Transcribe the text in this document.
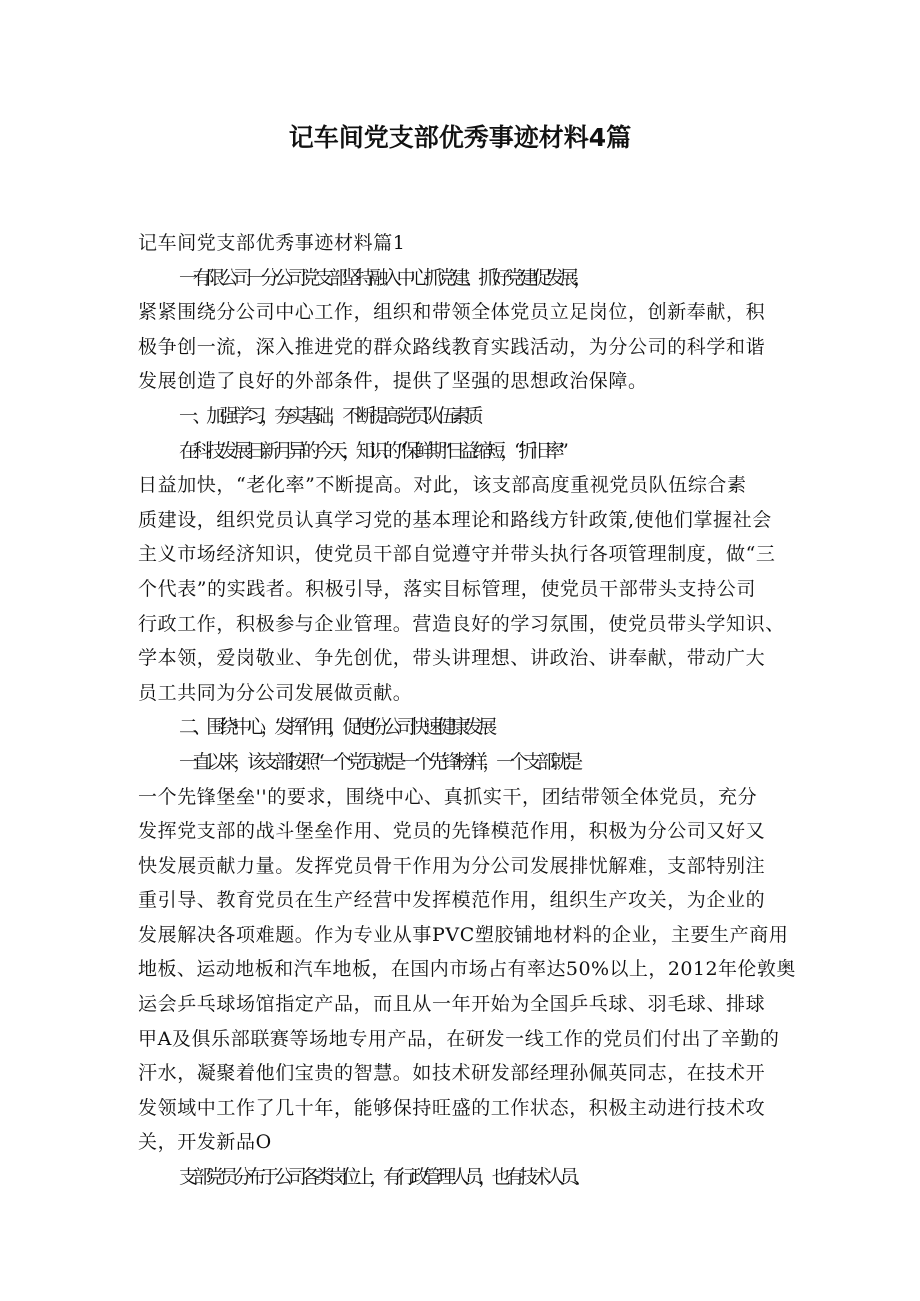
记车间党支部优秀事迹材料4篇

记车间党支部优秀事迹材料篇1

一有限公司一分公司党支部坚持融入中心抓党建、抓好党建促发展，

紧紧围绕分公司中心工作，组织和带领全体党员立足岗位，创新奉献，积

极争创一流，深入推进党的群众路线教育实践活动，为分公司的科学和谐

发展创造了良好的外部条件，提供了坚强的思想政治保障。

一、加强学习，夯实基础，不断提高党员队伍素质

在科技发展日新月异的今天，知识的“保鲜期”日益缩短，“折旧率”

日益加快，“老化率”不断提高。对此，该支部高度重视党员队伍综合素

质建设，组织党员认真学习党的基本理论和路线方针政策,使他们掌握社会

主义市场经济知识，使党员干部自觉遵守并带头执行各项管理制度，做“三

个代表”的实践者。积极引导，落实目标管理，使党员干部带头支持公司

行政工作，积极参与企业管理。营造良好的学习氛围，使党员带头学知识、

学本领，爱岗敬业、争先创优，带头讲理想、讲政治、讲奉献，带动广大

员工共同为分公司发展做贡献。

二、围绕中心，发挥作用，促使份公司快速健康发展

一直以来，该支部按照“一个党员就是一个先锋榜样，一个支部就是

一个先锋堡垒''的要求，围绕中心、真抓实干，团结带领全体党员，充分

发挥党支部的战斗堡垒作用、党员的先锋模范作用，积极为分公司又好又

快发展贡献力量。发挥党员骨干作用为分公司发展排忧解难，支部特别注

重引导、教育党员在生产经营中发挥模范作用，组织生产攻关，为企业的

发展解决各项难题。作为专业从事PVC塑胶铺地材料的企业，主要生产商用

地板、运动地板和汽车地板，在国内市场占有率达50%以上，2012年伦敦奥

运会乒乓球场馆指定产品，而且从一年开始为全国乒乓球、羽毛球、排球

甲A及俱乐部联赛等场地专用产品，在研发一线工作的党员们付出了辛勤的

汗水，凝聚着他们宝贵的智慧。如技术研发部经理孙佩英同志，在技术开

发领域中工作了几十年，能够保持旺盛的工作状态，积极主动进行技术攻

关，开发新品O

支部党员分布于公司各类岗位上，有行政管理人员，也有技术人员、
